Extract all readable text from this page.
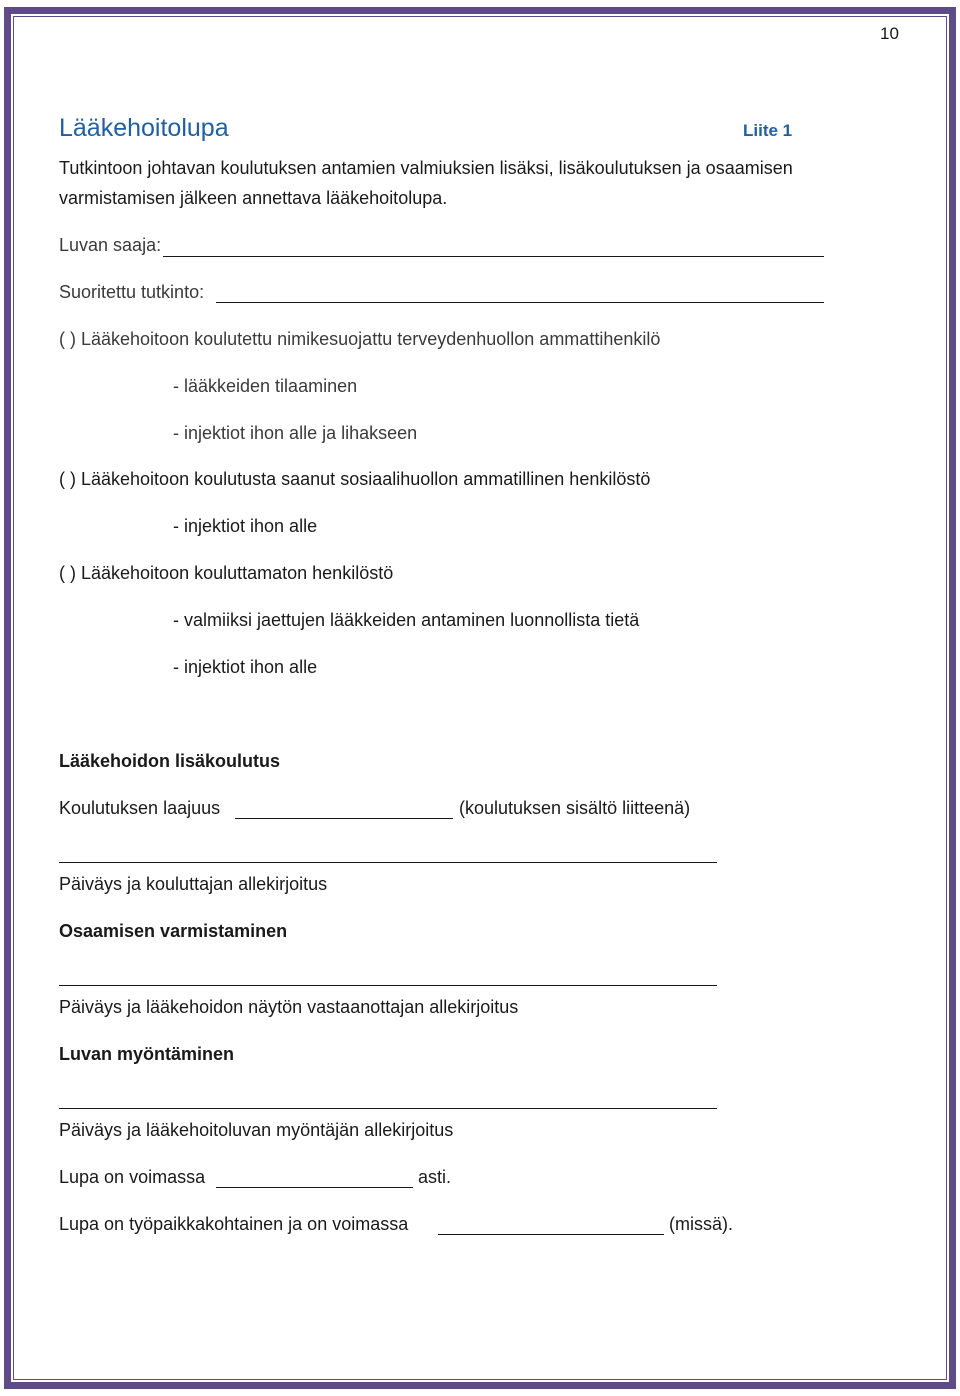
10
Lääkehoitolupa	Liite 1
Tutkintoon johtavan koulutuksen antamien valmiuksien lisäksi, lisäkoulutuksen ja osaamisen
varmistamisen jälkeen annettava lääkehoitolupa.
Luvan saaja:
Suoritettu tutkinto:
( ) Lääkehoitoon koulutettu nimikesuojattu terveydenhuollon ammattihenkilö
- lääkkeiden tilaaminen
- injektiot ihon alle ja lihakseen
( ) Lääkehoitoon koulutusta saanut sosiaalihuollon ammatillinen henkilöstö
- injektiot ihon alle
( ) Lääkehoitoon kouluttamaton henkilöstö
- valmiiksi jaettujen lääkkeiden antaminen luonnollista tietä
- injektiot ihon alle
Lääkehoidon lisäkoulutus
Koulutuksen laajuus	(koulutuksen sisältö liitteenä)
Päiväys ja kouluttajan allekirjoitus
Osaamisen varmistaminen
Päiväys ja lääkehoidon näytön vastaanottajan allekirjoitus
Luvan myöntäminen
Päiväys ja lääkehoitoluvan myöntäjän allekirjoitus
Lupa on voimassa	asti.
Lupa on työpaikkakohtainen ja on voimassa	(missä).
